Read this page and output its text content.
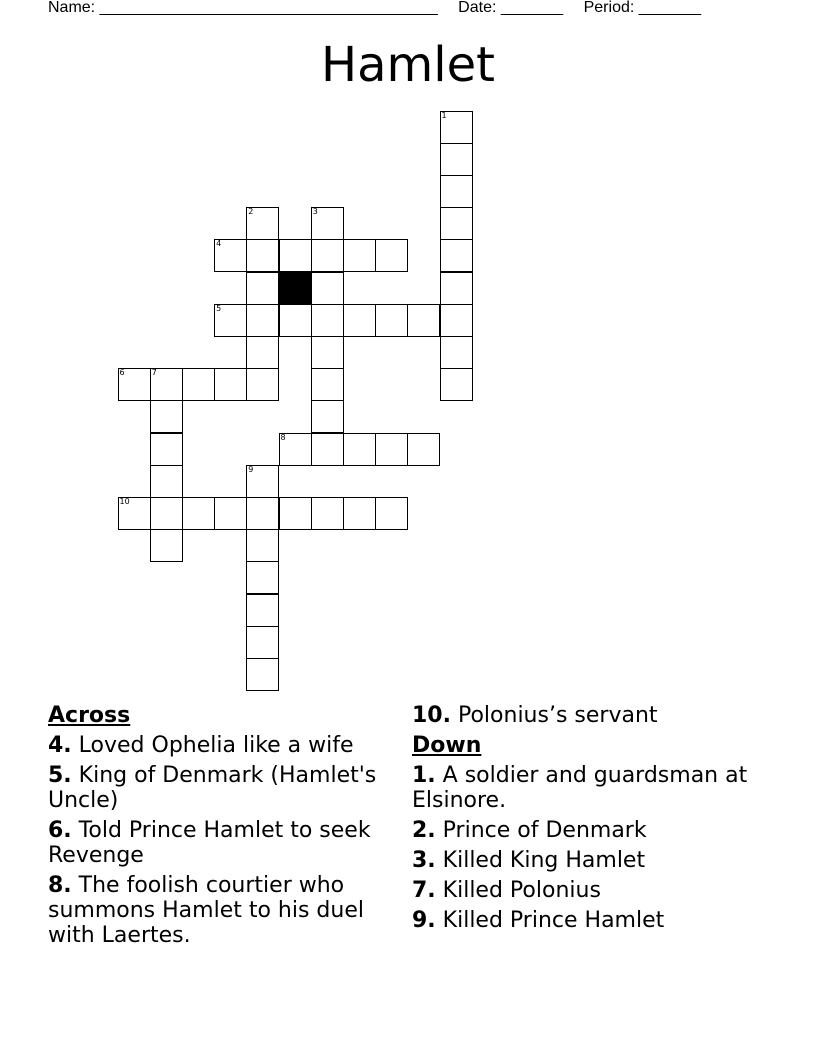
Name: ______________________________________ Date: _______ Period: _______
Hamlet
1
2	3
4
5
6	7
8
9
10
Across
4. Loved Ophelia like a wife
5. King of Denmark (Hamlet's Uncle)
6. Told Prince Hamlet to seek Revenge
8. The foolish courtier who summons Hamlet to his duel with Laertes.
10. Polonius’s servant
Down
1. A soldier and guardsman at Elsinore.
2. Prince of Denmark
3. Killed King Hamlet
7. Killed Polonius
9. Killed Prince Hamlet
